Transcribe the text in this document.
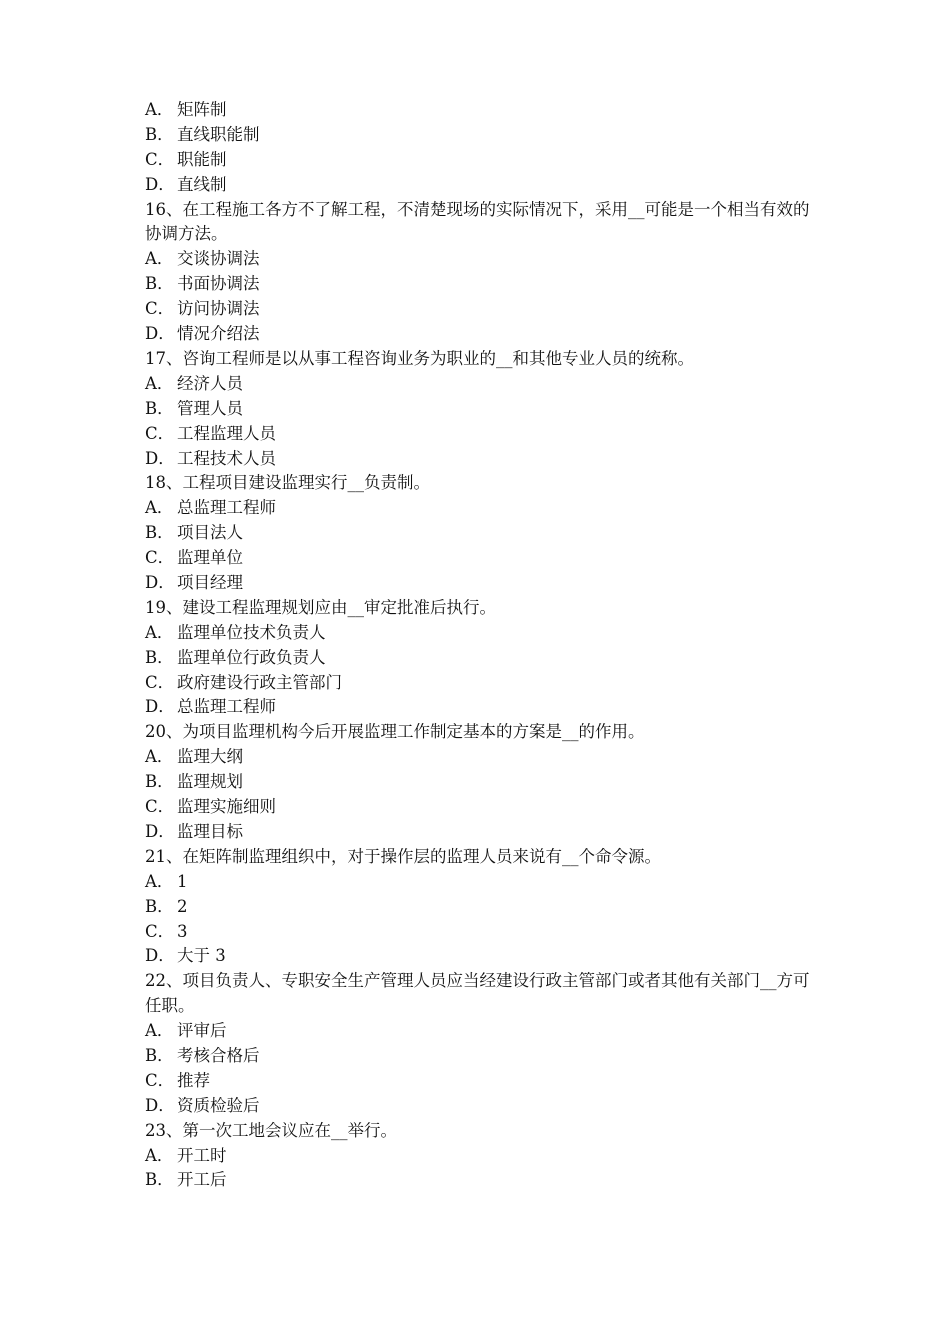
A． 矩阵制
B． 直线职能制
C． 职能制
D． 直线制
16、在工程施工各方不了解工程，不清楚现场的实际情况下，采用__可能是一个相当有效的协调方法。
A． 交谈协调法
B． 书面协调法
C． 访问协调法
D． 情况介绍法
17、咨询工程师是以从事工程咨询业务为职业的__和其他专业人员的统称。
A． 经济人员
B． 管理人员
C． 工程监理人员
D． 工程技术人员
18、工程项目建设监理实行__负责制。
A． 总监理工程师
B． 项目法人
C． 监理单位
D． 项目经理
19、建设工程监理规划应由__审定批准后执行。
A． 监理单位技术负责人
B． 监理单位行政负责人
C． 政府建设行政主管部门
D． 总监理工程师
20、为项目监理机构今后开展监理工作制定基本的方案是__的作用。
A． 监理大纲
B． 监理规划
C． 监理实施细则
D． 监理目标
21、在矩阵制监理组织中，对于操作层的监理人员来说有__个命令源。
A． 1
B． 2
C． 3
D． 大于 3
22、项目负责人、专职安全生产管理人员应当经建设行政主管部门或者其他有关部门__方可任职。
A． 评审后
B． 考核合格后
C． 推荐
D． 资质检验后
23、第一次工地会议应在__举行。
A． 开工时
B． 开工后
